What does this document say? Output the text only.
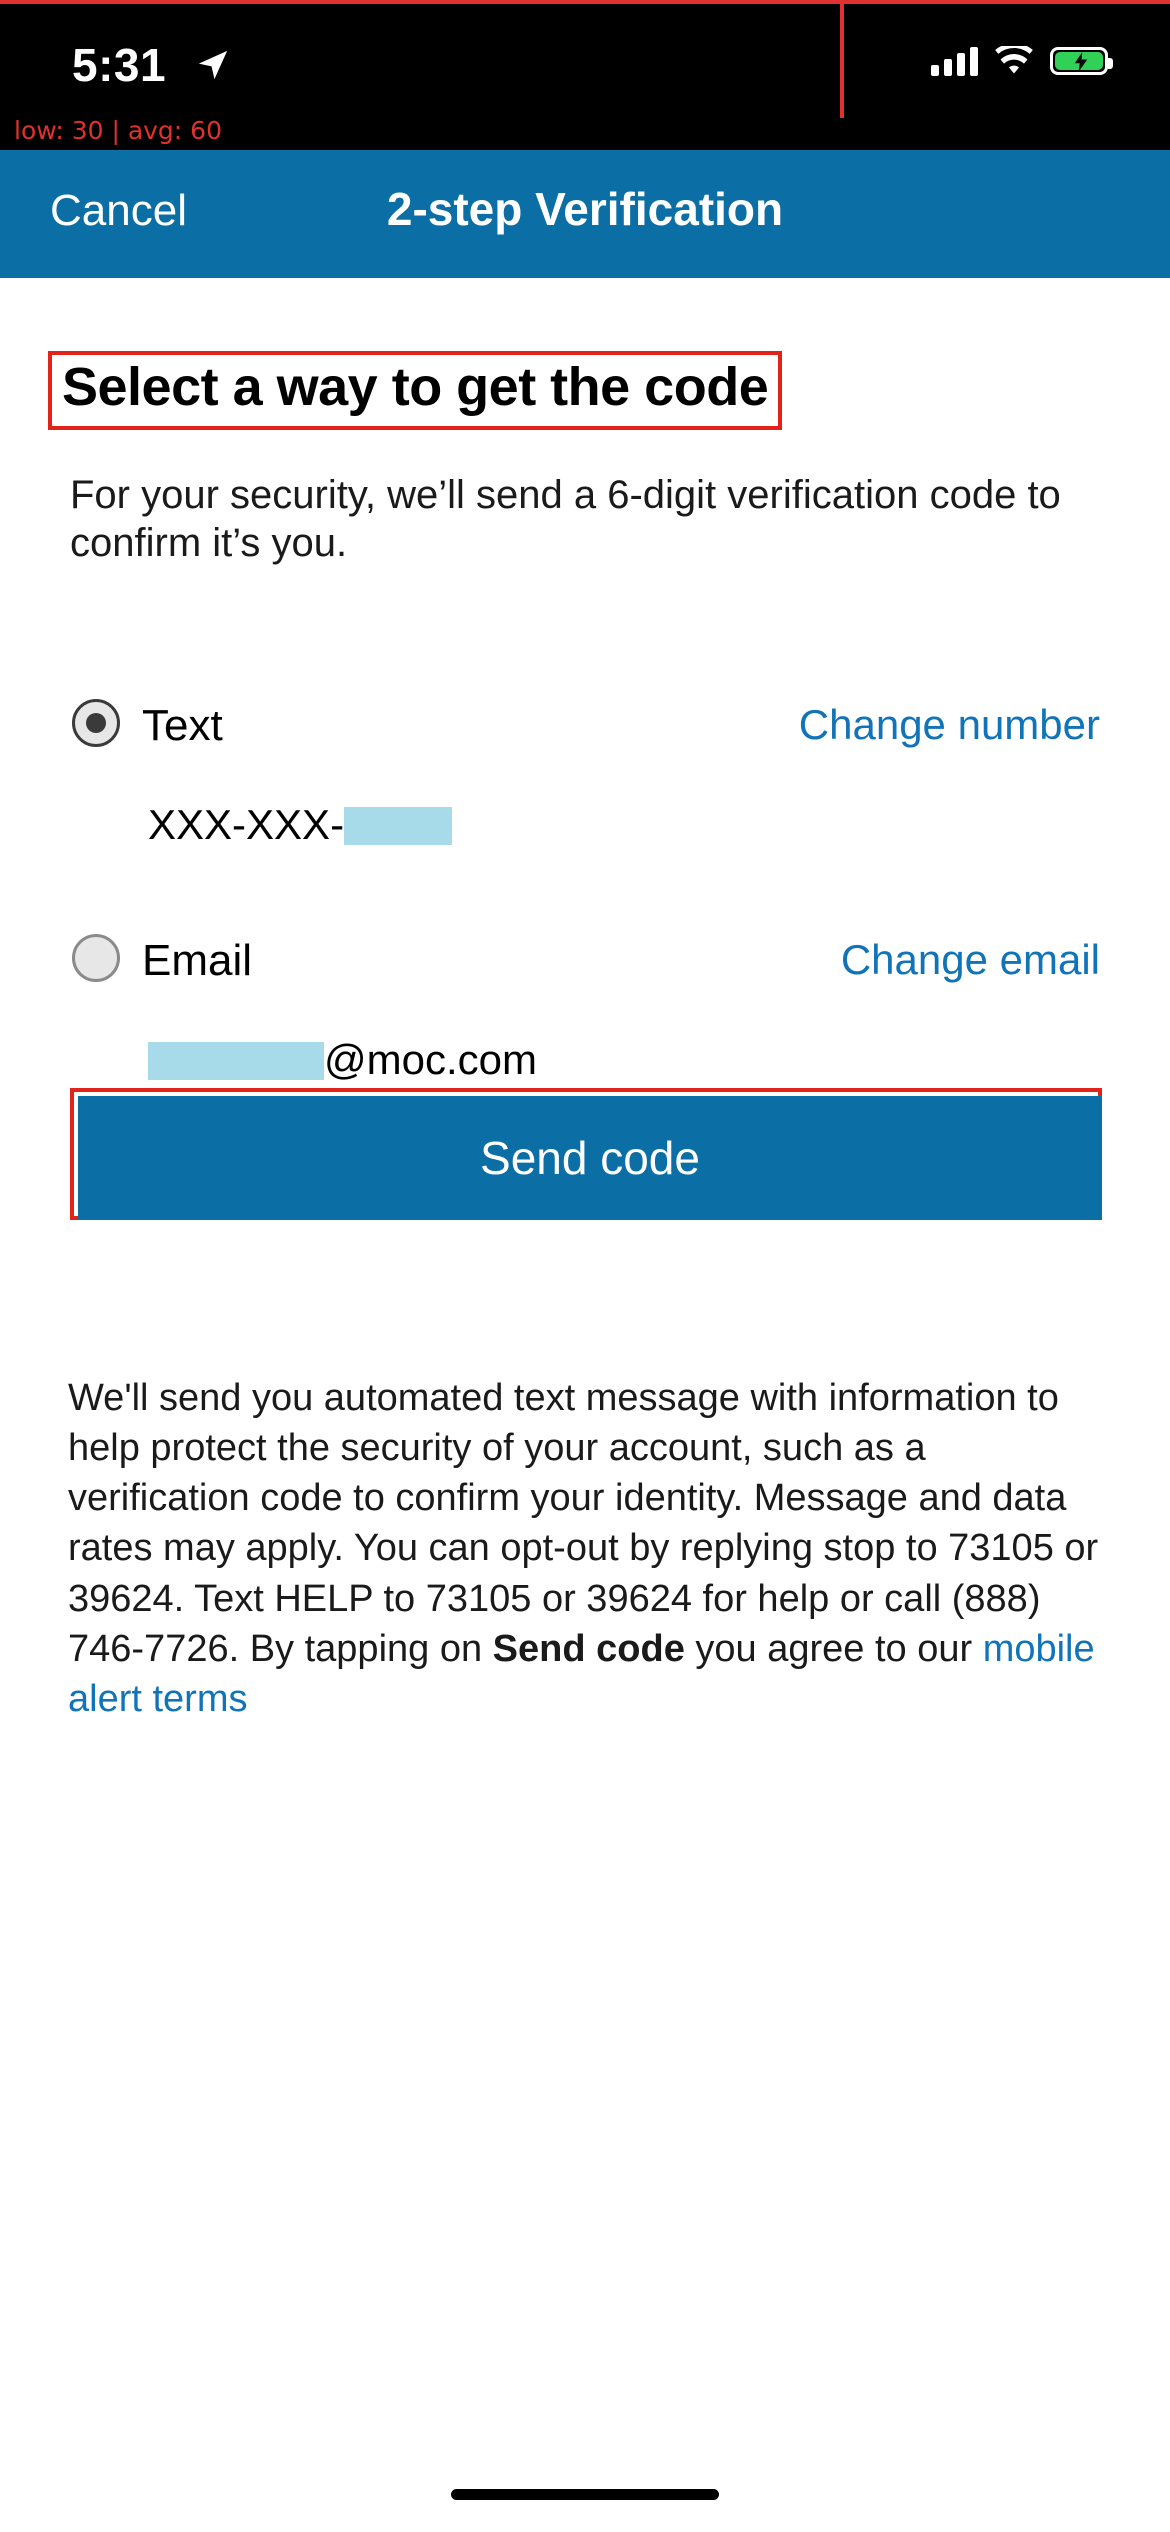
5:31
low: 30 | avg: 60
Cancel	2-step Verification
Select a way to get the code
For your security, we’ll send a 6-digit verification code to confirm it’s you.
Text	Change number
XXX-XXX-
Email	Change email
@moc.com
Send code
We'll send you automated text message with information to help protect the security of your account, such as a verification code to confirm your identity. Message and data rates may apply. You can opt-out by replying stop to 73105 or 39624. Text HELP to 73105 or 39624 for help or call (888) 746-7726. By tapping on Send code you agree to our mobile alert terms
